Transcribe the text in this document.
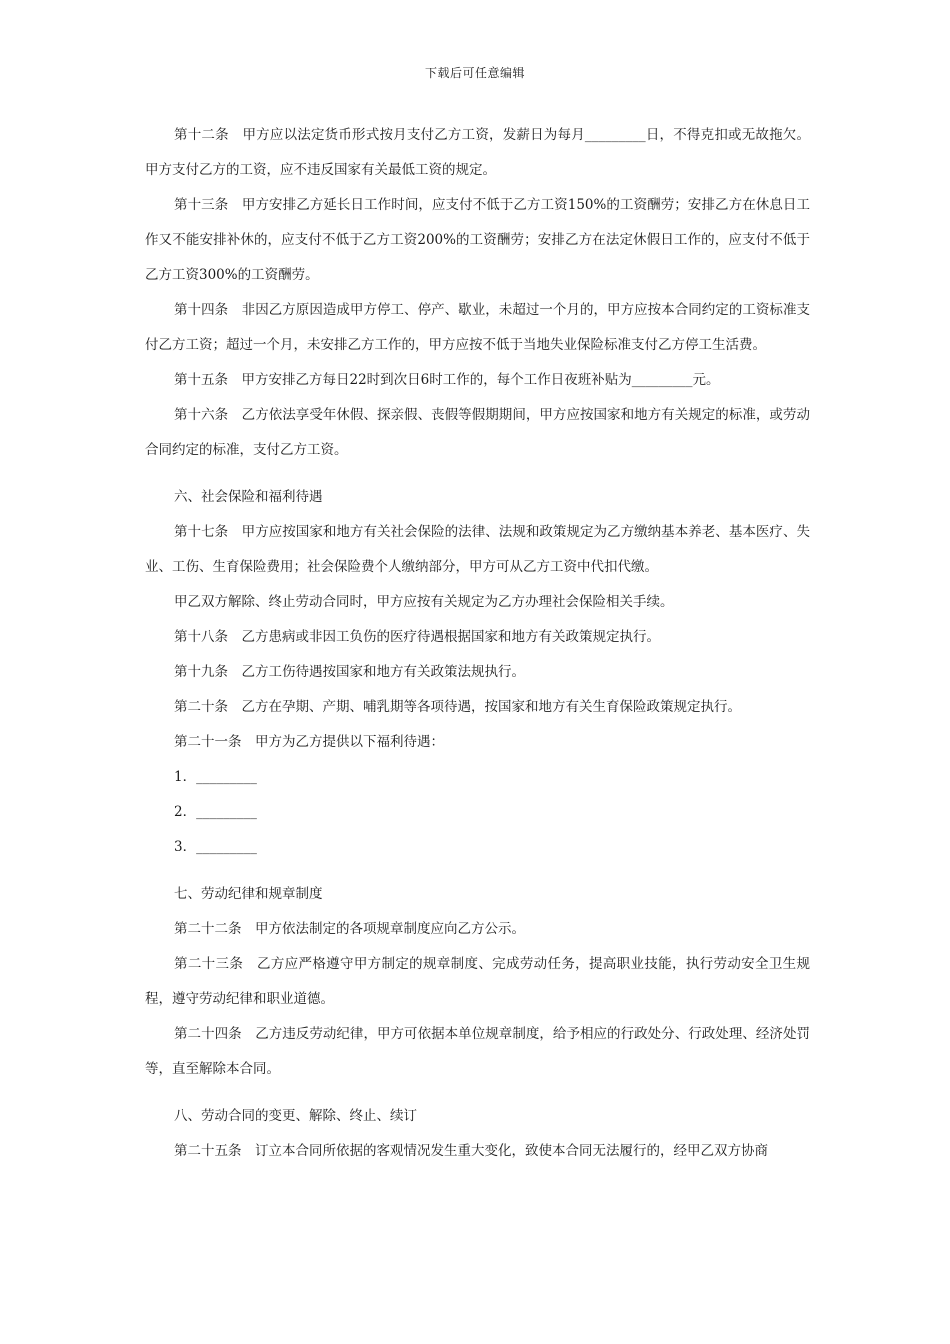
下载后可任意编辑

第十二条　甲方应以法定货币形式按月支付乙方工资，发薪日为每月_________日，不得克扣或无故拖欠。甲方支付乙方的工资，应不违反国家有关最低工资的规定。

第十三条　甲方安排乙方延长日工作时间，应支付不低于乙方工资150%的工资酬劳；安排乙方在休息日工作又不能安排补休的，应支付不低于乙方工资200%的工资酬劳；安排乙方在法定休假日工作的，应支付不低于乙方工资300%的工资酬劳。

第十四条　非因乙方原因造成甲方停工、停产、歇业，未超过一个月的，甲方应按本合同约定的工资标准支付乙方工资；超过一个月，未安排乙方工作的，甲方应按不低于当地失业保险标准支付乙方停工生活费。

第十五条　甲方安排乙方每日22时到次日6时工作的，每个工作日夜班补贴为_________元。

第十六条　乙方依法享受年休假、探亲假、丧假等假期期间，甲方应按国家和地方有关规定的标准，或劳动合同约定的标准，支付乙方工资。

六、社会保险和福利待遇

第十七条　甲方应按国家和地方有关社会保险的法律、法规和政策规定为乙方缴纳基本养老、基本医疗、失业、工伤、生育保险费用；社会保险费个人缴纳部分，甲方可从乙方工资中代扣代缴。

甲乙双方解除、终止劳动合同时，甲方应按有关规定为乙方办理社会保险相关手续。

第十八条　乙方患病或非因工负伤的医疗待遇根据国家和地方有关政策规定执行。

第十九条　乙方工伤待遇按国家和地方有关政策法规执行。

第二十条　乙方在孕期、产期、哺乳期等各项待遇，按国家和地方有关生育保险政策规定执行。

第二十一条　甲方为乙方提供以下福利待遇：

1．_________

2．_________

3．_________

七、劳动纪律和规章制度

第二十二条　甲方依法制定的各项规章制度应向乙方公示。

第二十三条　乙方应严格遵守甲方制定的规章制度、完成劳动任务，提高职业技能，执行劳动安全卫生规程，遵守劳动纪律和职业道德。

第二十四条　乙方违反劳动纪律，甲方可依据本单位规章制度，给予相应的行政处分、行政处理、经济处罚等，直至解除本合同。

八、劳动合同的变更、解除、终止、续订

第二十五条　订立本合同所依据的客观情况发生重大变化，致使本合同无法履行的，经甲乙双方协商
